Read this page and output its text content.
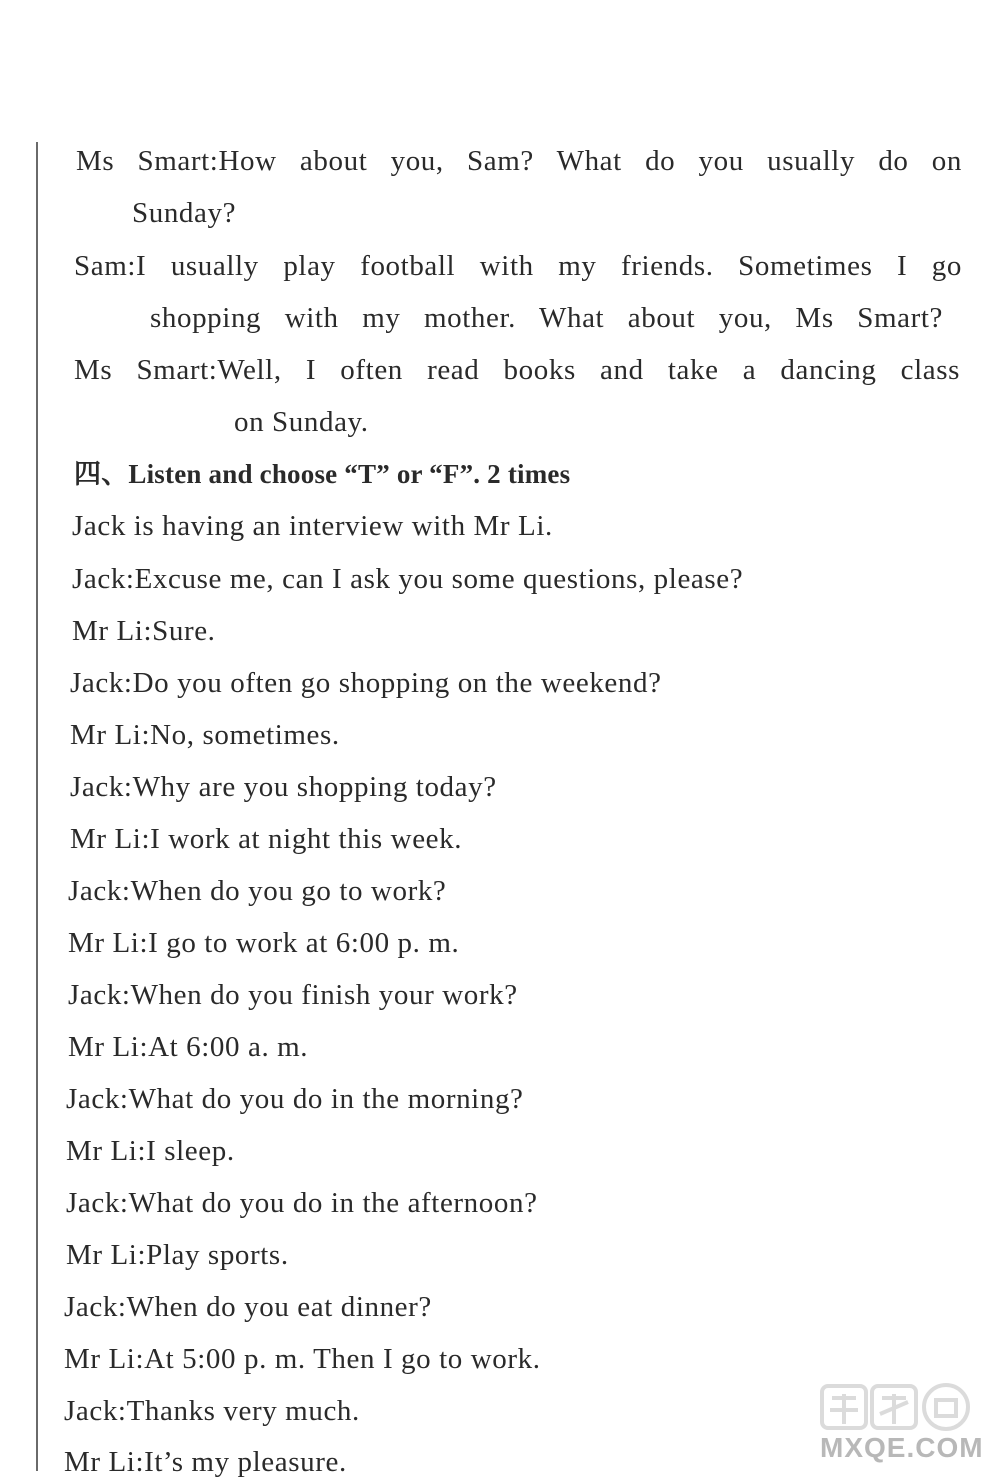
Ms Smart:How about you, Sam? What do you usually do on
Sunday?
Sam:I usually play football with my friends. Sometimes I go
shopping with my mother. What about you, Ms Smart?
Ms Smart:Well, I often read books and take a dancing class
on Sunday.
四、Listen and choose “T” or “F”. 2 times
Jack is having an interview with Mr Li.
Jack:Excuse me, can I ask you some questions, please?
Mr Li:Sure.
Jack:Do you often go shopping on the weekend?
Mr Li:No, sometimes.
Jack:Why are you shopping today?
Mr Li:I work at night this week.
Jack:When do you go to work?
Mr Li:I go to work at 6:00 p. m.
Jack:When do you finish your work?
Mr Li:At 6:00 a. m.
Jack:What do you do in the morning?
Mr Li:I sleep.
Jack:What do you do in the afternoon?
Mr Li:Play sports.
Jack:When do you eat dinner?
Mr Li:At 5:00 p. m. Then I go to work.
Jack:Thanks very much.
Mr Li:It’s my pleasure.	MXQE.COM
